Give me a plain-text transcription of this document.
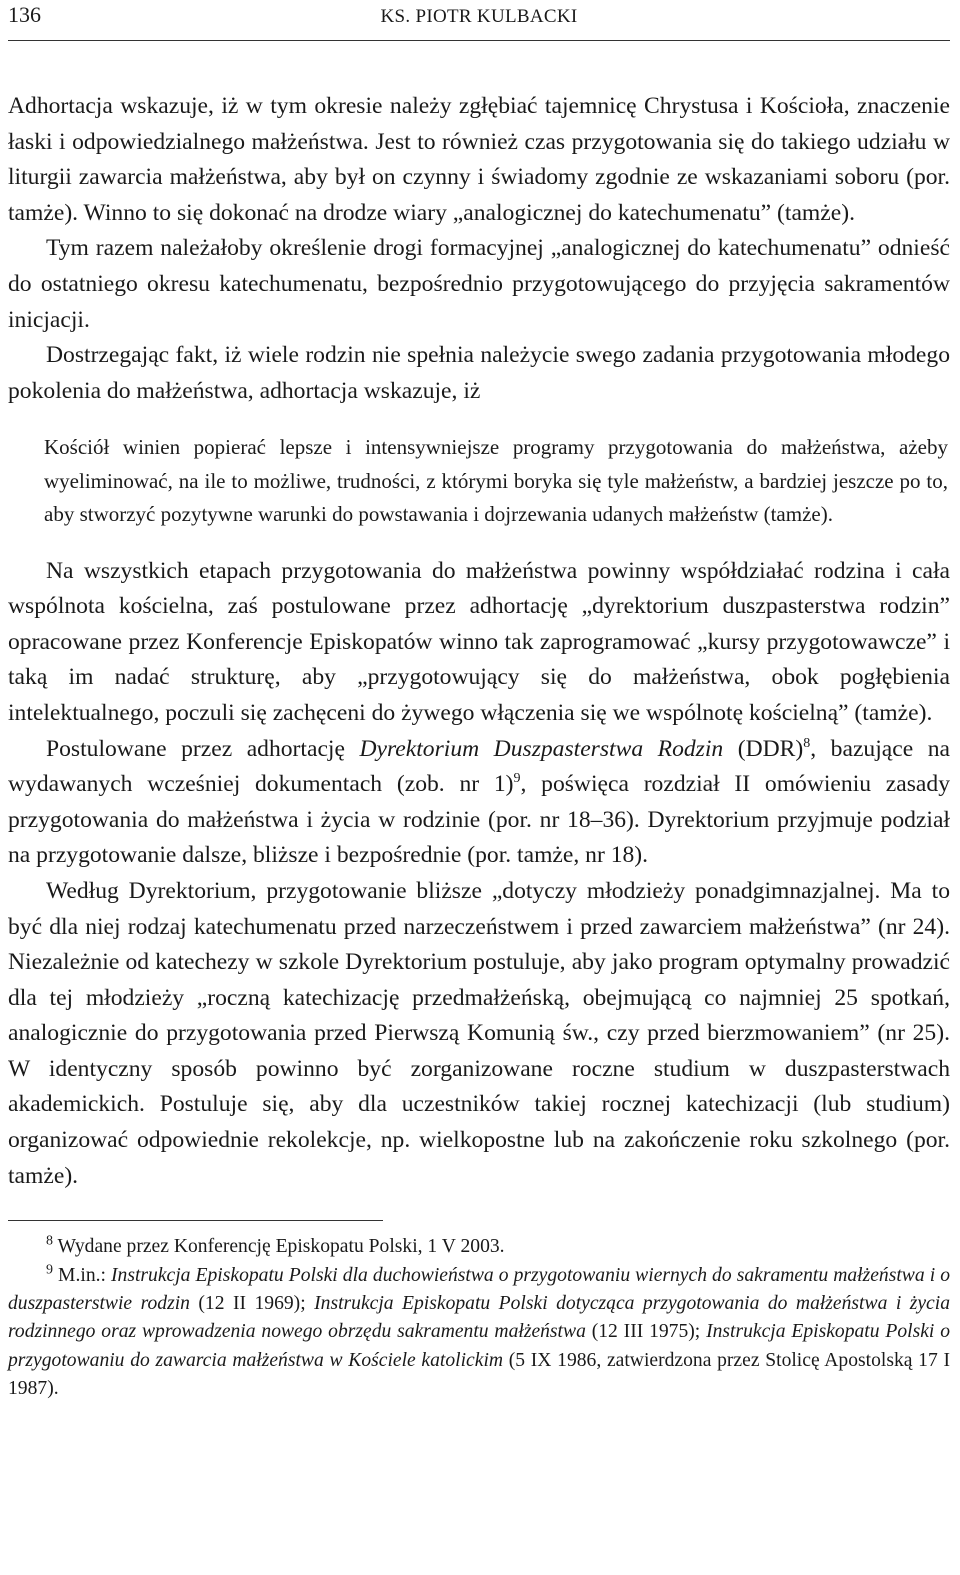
136	KS. PIOTR KULBACKI

Adhortacja wskazuje, iż w tym okresie należy zgłębiać tajemnicę Chrystusa i Kościoła, znaczenie łaski i odpowiedzialnego małżeństwa. Jest to również czas przygotowania się do takiego udziału w liturgii zawarcia małżeństwa, aby był on czynny i świadomy zgodnie ze wskazaniami soboru (por. tamże). Winno to się dokonać na drodze wiary „analogicznej do katechumenatu” (tamże).

Tym razem należałoby określenie drogi formacyjnej „analogicznej do katechumenatu” odnieść do ostatniego okresu katechumenatu, bezpośrednio przygotowującego do przyjęcia sakramentów inicjacji.

Dostrzegając fakt, iż wiele rodzin nie spełnia należycie swego zadania przygotowania młodego pokolenia do małżeństwa, adhortacja wskazuje, iż

Kościół winien popierać lepsze i intensywniejsze programy przygotowania do małżeństwa, ażeby wyeliminować, na ile to możliwe, trudności, z którymi boryka się tyle małżeństw, a bardziej jeszcze po to, aby stworzyć pozytywne warunki do powstawania i dojrzewania udanych małżeństw (tamże).

Na wszystkich etapach przygotowania do małżeństwa powinny współdziałać rodzina i cała wspólnota kościelna, zaś postulowane przez adhortację „dyrektorium duszpasterstwa rodzin” opracowane przez Konferencje Episkopatów winno tak zaprogramować „kursy przygotowawcze” i taką im nadać strukturę, aby „przygotowujący się do małżeństwa, obok pogłębienia intelektualnego, poczuli się zachęceni do żywego włączenia się we wspólnotę kościelną” (tamże).

Postulowane przez adhortację Dyrektorium Duszpasterstwa Rodzin (DDR)$^8$, bazujące na wydawanych wcześniej dokumentach (zob. nr 1)$^9$, poświęca rozdział II omówieniu zasady przygotowania do małżeństwa i życia w rodzinie (por. nr 18–36). Dyrektorium przyjmuje podział na przygotowanie dalsze, bliższe i bezpośrednie (por. tamże, nr 18).

Według Dyrektorium, przygotowanie bliższe „dotyczy młodzieży ponadgimnazjalnej. Ma to być dla niej rodzaj katechumenatu przed narzeczeństwem i przed zawarciem małżeństwa” (nr 24). Niezależnie od katechezy w szkole Dyrektorium postuluje, aby jako program optymalny prowadzić dla tej młodzieży „roczną katechizację przedmałżeńską, obejmującą co najmniej 25 spotkań, analogicznie do przygotowania przed Pierwszą Komunią św., czy przed bierzmowaniem” (nr 25). W identyczny sposób powinno być zorganizowane roczne studium w duszpasterstwach akademickich. Postuluje się, aby dla uczestników takiej rocznej katechizacji (lub studium) organizować odpowiednie rekolekcje, np. wielkopostne lub na zakończenie roku szkolnego (por. tamże).

$^8$ Wydane przez Konferencję Episkopatu Polski, 1 V 2003.

$^9$ M.in.: Instrukcja Episkopatu Polski dla duchowieństwa o przygotowaniu wiernych do sakramentu małżeństwa i o duszpasterstwie rodzin (12 II 1969); Instrukcja Episkopatu Polski dotycząca przygotowania do małżeństwa i życia rodzinnego oraz wprowadzenia nowego obrzędu sakramentu małżeństwa (12 III 1975); Instrukcja Episkopatu Polski o przygotowaniu do zawarcia małżeństwa w Kościele katolickim (5 IX 1986, zatwierdzona przez Stolicę Apostolską 17 I 1987).
